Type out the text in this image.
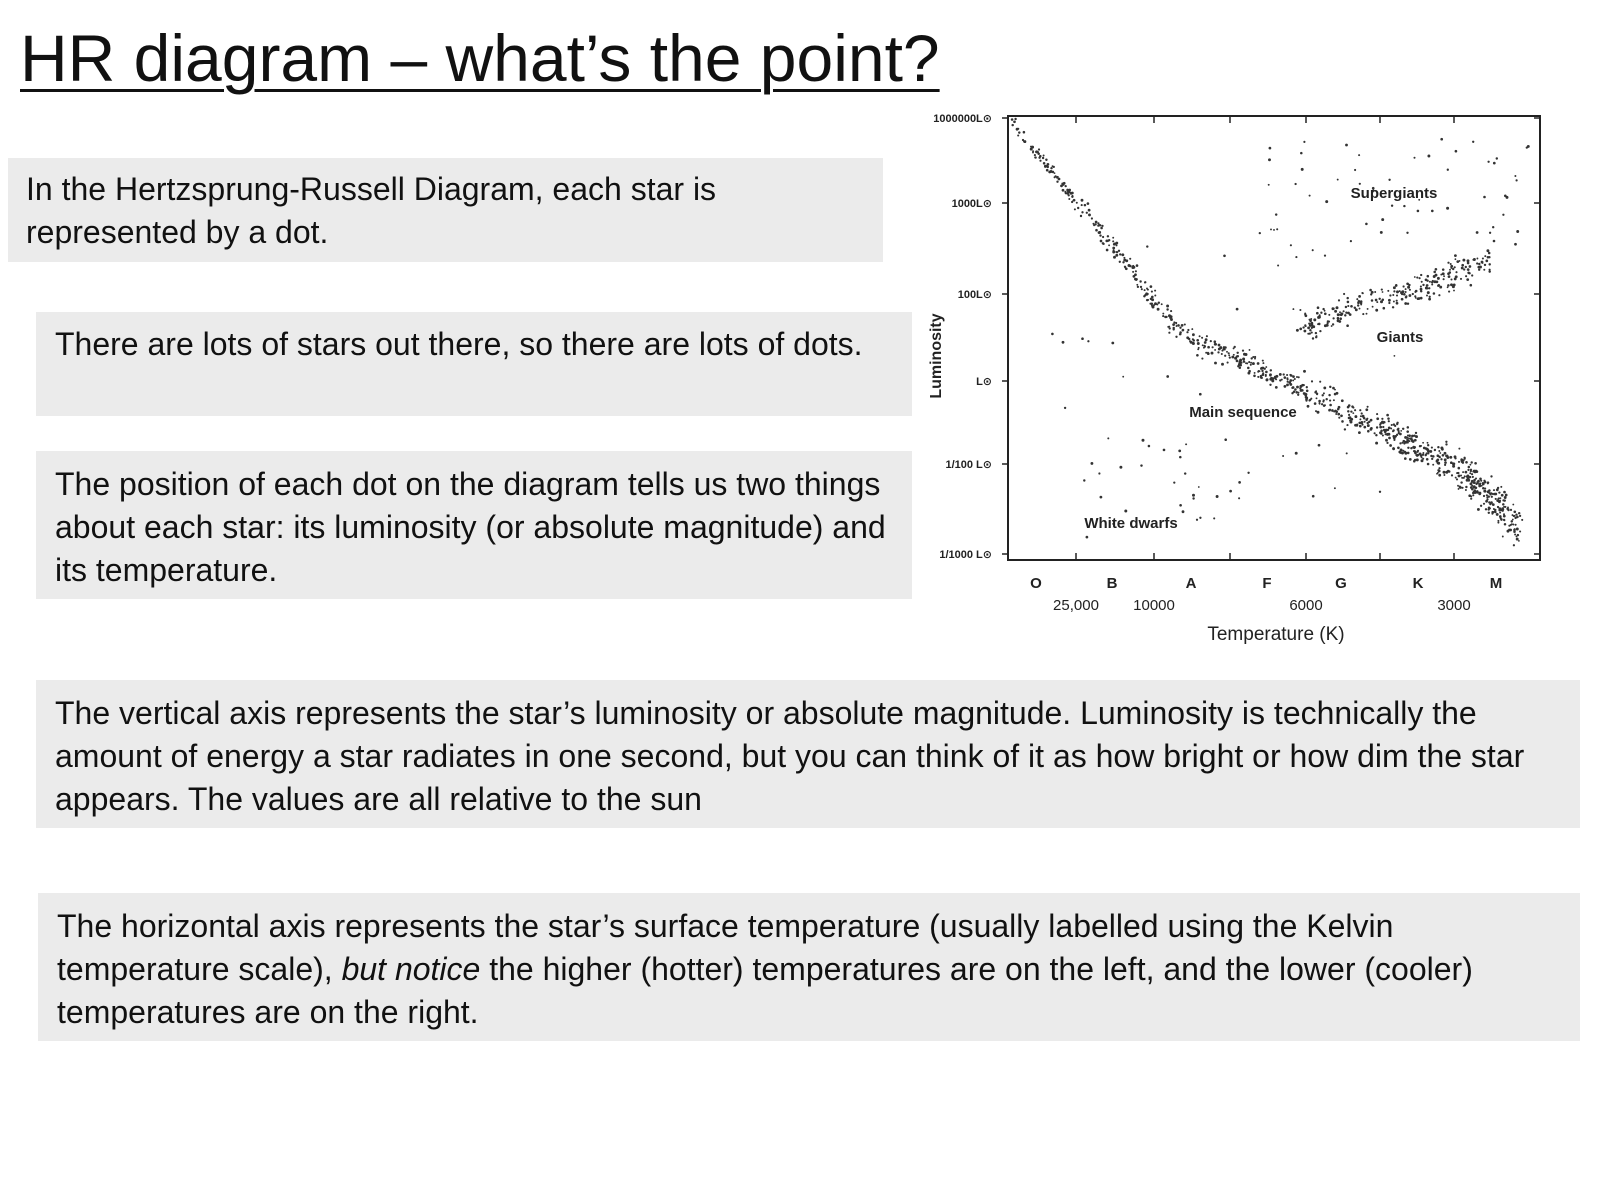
HR diagram – what’s the point?

In the Hertzsprung-Russell Diagram, each star is represented by a dot.

There are lots of stars out there, so there are lots of dots.

The position of each dot on the diagram tells us two things about each star: its luminosity (or absolute magnitude) and its temperature.

The vertical axis represents the star’s luminosity or absolute magnitude. Luminosity is technically the amount of energy a star radiates in one second, but you can think of it as how bright or how dim the star appears. The values are all relative to the sun

The horizontal axis represents the star’s surface temperature (usually labelled using the Kelvin temperature scale), but notice the higher (hotter) temperatures are on the left, and the lower (cooler) temperatures are on the right.

1000000L⊙
1000L⊙
100L⊙
L⊙
1/100 L⊙
1/1000 L⊙
O	B	A	F	G	K	M
25,000 10000	6000	3000
Luminosity
Temperature (K)
Supergiants
Giants
Main sequence
White dwarfs
